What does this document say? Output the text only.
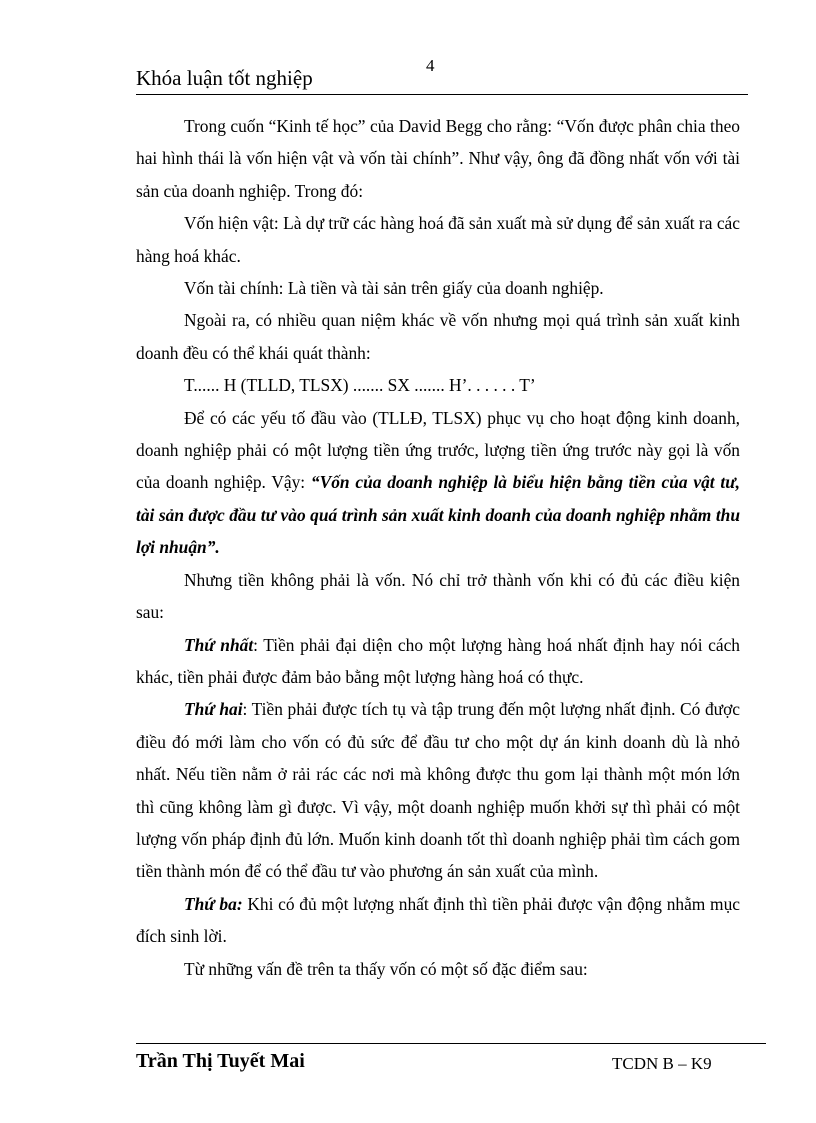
4
Khóa luận tốt nghiệp

Trong cuốn “Kinh tế học” của David Begg cho rằng: “Vốn được phân chia theo hai hình thái là vốn hiện vật và vốn tài chính”. Như vậy, ông đã đồng nhất vốn với tài sản của doanh nghiệp. Trong đó:

Vốn hiện vật: Là dự trữ các hàng hoá đã sản xuất mà sử dụng để sản xuất ra các hàng hoá khác.

Vốn tài chính: Là tiền và tài sản trên giấy của doanh nghiệp.

Ngoài ra, có nhiều quan niệm khác về vốn nhưng mọi quá trình sản xuất kinh doanh đều có thể khái quát thành:

T...... H (TLLD, TLSX) ....... SX ....... H’. . . . . . T’

Để có các yếu tố đầu vào (TLLĐ, TLSX) phục vụ cho hoạt động kinh doanh, doanh nghiệp phải có một lượng tiền ứng trước, lượng tiền ứng trước này gọi là vốn của doanh nghiệp. Vậy: “Vốn của doanh nghiệp là biểu hiện bằng tiền của vật tư, tài sản được đầu tư vào quá trình sản xuất kinh doanh của doanh nghiệp nhằm thu lợi nhuận”.

Nhưng tiền không phải là vốn. Nó chỉ trở thành vốn khi có đủ các điều kiện sau:

Thứ nhất: Tiền phải đại diện cho một lượng hàng hoá nhất định hay nói cách khác, tiền phải được đảm bảo bằng một lượng hàng hoá có thực.

Thứ hai: Tiền phải được tích tụ và tập trung đến một lượng nhất định. Có được điều đó mới làm cho vốn có đủ sức để đầu tư cho một dự án kinh doanh dù là nhỏ nhất. Nếu tiền nằm ở rải rác các nơi mà không được thu gom lại thành một món lớn thì cũng không làm gì được. Vì vậy, một doanh nghiệp muốn khởi sự thì phải có một lượng vốn pháp định đủ lớn. Muốn kinh doanh tốt thì doanh nghiệp phải tìm cách gom tiền thành món để có thể đầu tư vào phương án sản xuất của mình.

Thứ ba: Khi có đủ một lượng nhất định thì tiền phải được vận động nhằm mục đích sinh lời.

Từ những vấn đề trên ta thấy vốn có một số đặc điểm sau:

Trần Thị Tuyết Mai	TCDN B – K9
